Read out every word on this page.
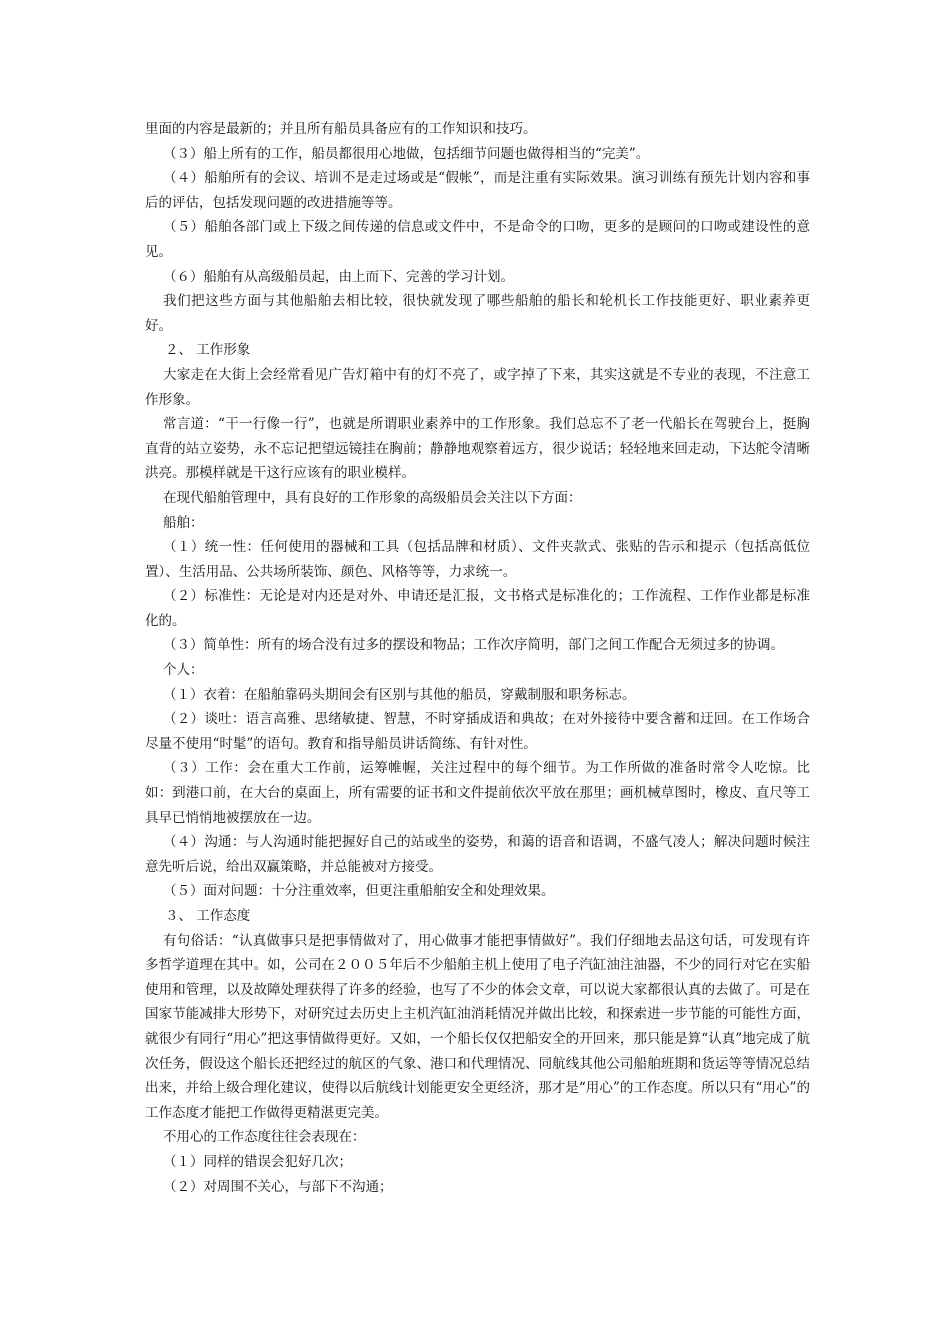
里面的内容是最新的；并且所有船员具备应有的工作知识和技巧。

（３）船上所有的工作，船员都很用心地做，包括细节问题也做得相当的“完美”。

（４）船舶所有的会议、培训不是走过场或是“假帐”，而是注重有实际效果。演习训练有预先计划内容和事后的评估，包括发现问题的改进措施等等。

（５）船舶各部门或上下级之间传递的信息或文件中，不是命令的口吻，更多的是顾问的口吻或建设性的意见。

（６）船舶有从高级船员起，由上而下、完善的学习计划。

我们把这些方面与其他船舶去相比较，很快就发现了哪些船舶的船长和轮机长工作技能更好、职业素养更好。

２、 工作形象

大家走在大街上会经常看见广告灯箱中有的灯不亮了，或字掉了下来，其实这就是不专业的表现，不注意工作形象。

常言道：“干一行像一行”，也就是所谓职业素养中的工作形象。我们总忘不了老一代船长在驾驶台上，挺胸直背的站立姿势，永不忘记把望远镜挂在胸前；静静地观察着远方，很少说话；轻轻地来回走动，下达舵令清晰洪亮。那模样就是干这行应该有的职业模样。

在现代船舶管理中，具有良好的工作形象的高级船员会关注以下方面：

船舶：

（１）统一性：任何使用的器械和工具（包括品牌和材质）、文件夹款式、张贴的告示和提示（包括高低位置）、生活用品、公共场所装饰、颜色、风格等等，力求统一。

（２）标准性：无论是对内还是对外、申请还是汇报，文书格式是标准化的；工作流程、工作作业都是标准化的。

（３）简单性：所有的场合没有过多的摆设和物品；工作次序简明，部门之间工作配合无须过多的协调。

个人：

（１）衣着：在船舶靠码头期间会有区别与其他的船员，穿戴制服和职务标志。

（２）谈吐：语言高雅、思绪敏捷、智慧，不时穿插成语和典故；在对外接待中要含蓄和迂回。在工作场合尽量不使用“时髦”的语句。教育和指导船员讲话简练、有针对性。

（３）工作：会在重大工作前，运筹帷幄，关注过程中的每个细节。为工作所做的准备时常令人吃惊。比如：到港口前，在大台的桌面上，所有需要的证书和文件提前依次平放在那里；画机械草图时，橡皮、直尺等工具早已悄悄地被摆放在一边。

（４）沟通：与人沟通时能把握好自己的站或坐的姿势，和蔼的语音和语调，不盛气凌人；解决问题时候注意先听后说，给出双赢策略，并总能被对方接受。

（５）面对问题：十分注重效率，但更注重船舶安全和处理效果。

３、 工作态度

有句俗话：“认真做事只是把事情做对了，用心做事才能把事情做好”。我们仔细地去品这句话，可发现有许多哲学道理在其中。如，公司在２００５年后不少船舶主机上使用了电子汽缸油注油器，不少的同行对它在实船使用和管理，以及故障处理获得了许多的经验，也写了不少的体会文章，可以说大家都很认真的去做了。可是在国家节能减排大形势下，对研究过去历史上主机汽缸油消耗情况并做出比较，和探索进一步节能的可能性方面，就很少有同行“用心”把这事情做得更好。又如，一个船长仅仅把船安全的开回来，那只能是算“认真”地完成了航次任务，假设这个船长还把经过的航区的气象、港口和代理情况、同航线其他公司船舶班期和货运等等情况总结出来，并给上级合理化建议，使得以后航线计划能更安全更经济，那才是“用心”的工作态度。所以只有“用心”的工作态度才能把工作做得更精湛更完美。

不用心的工作态度往往会表现在：

（１）同样的错误会犯好几次；

（２）对周围不关心，与部下不沟通；
